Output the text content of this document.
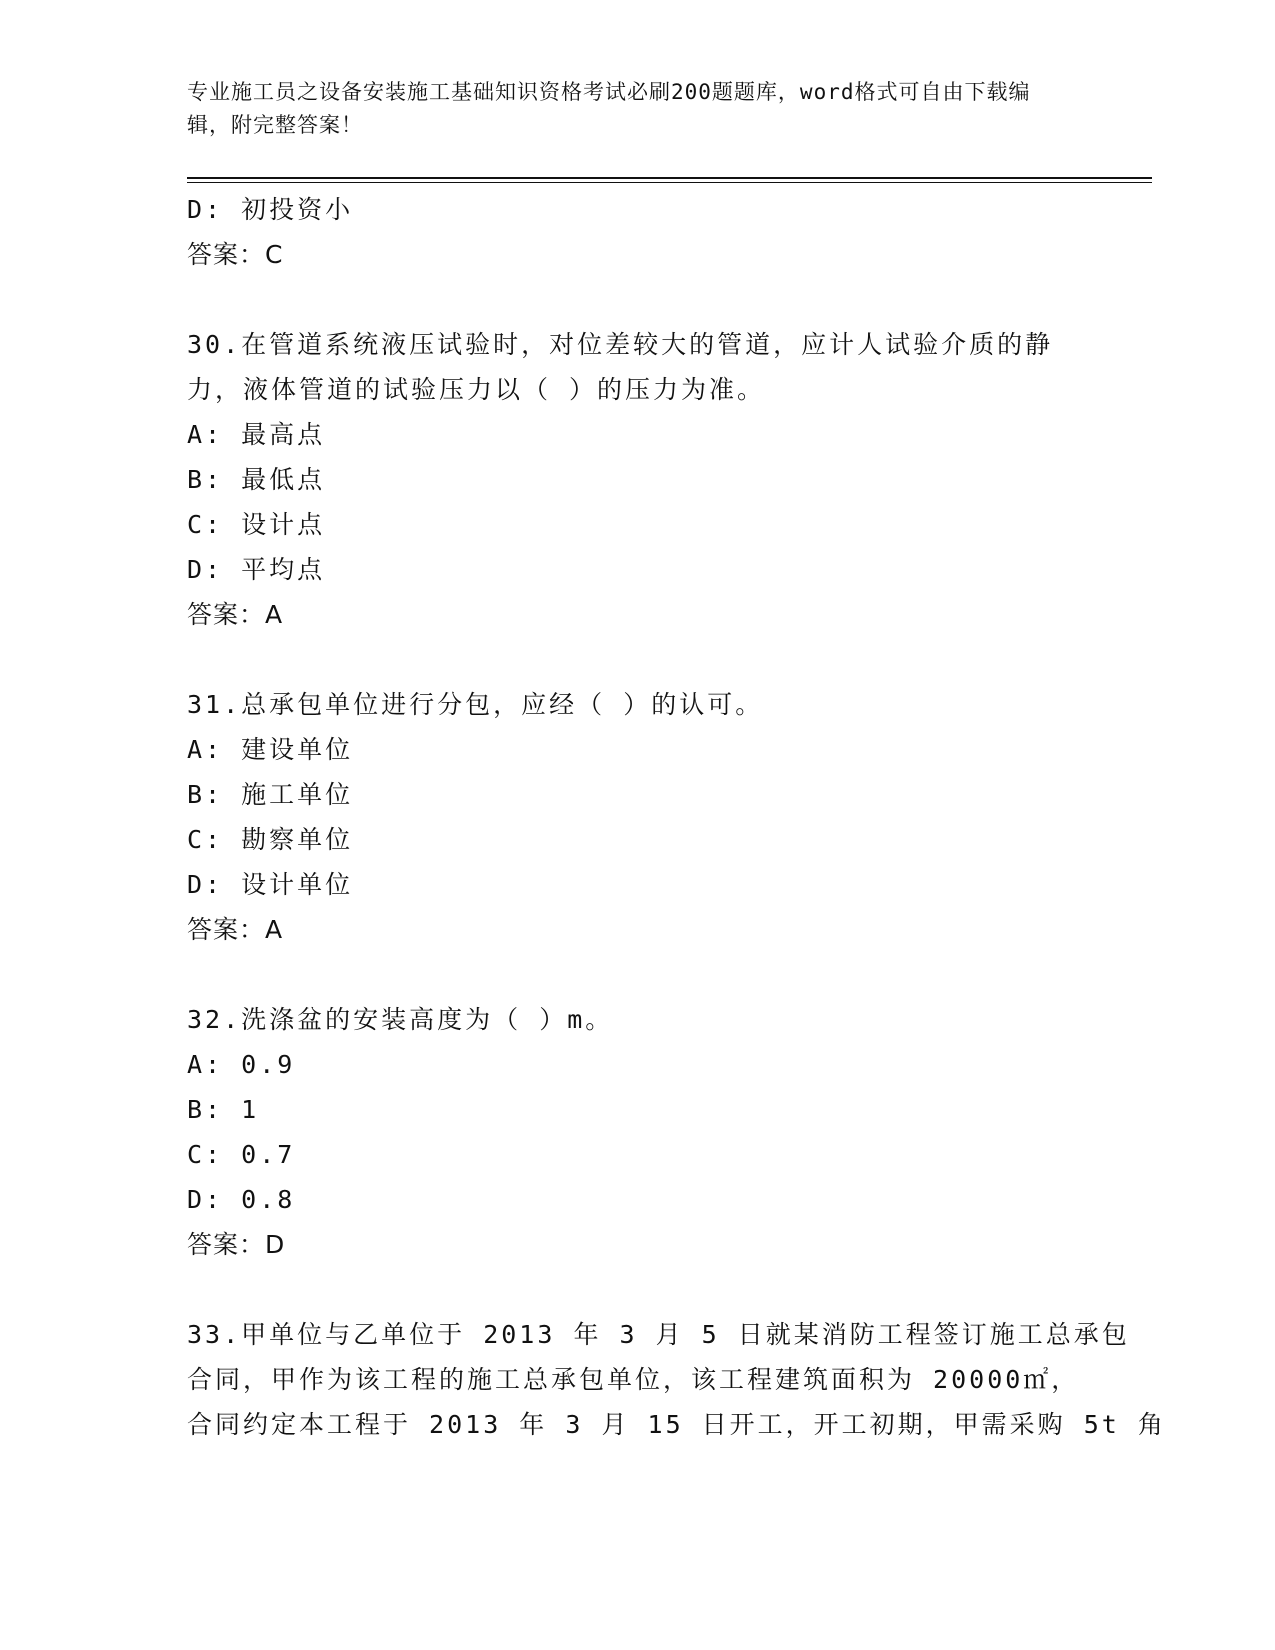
专业施工员之设备安装施工基础知识资格考试必刷200题题库，word格式可自由下载编辑，附完整答案！

D: 初投资小
答案：C
30.在管道系统液压试验时，对位差较大的管道，应计人试验介质的静
力，液体管道的试验压力以（ ）的压力为准。
A: 最高点
B: 最低点
C: 设计点
D: 平均点
答案：A
31.总承包单位进行分包，应经（ ）的认可。
A: 建设单位
B: 施工单位
C: 勘察单位
D: 设计单位
答案：A
32.洗涤盆的安装高度为（ ）m。
A: 0.9
B: 1
C: 0.7
D: 0.8
答案：D
33.甲单位与乙单位于 2013 年 3 月 5 日就某消防工程签订施工总承包
合同，甲作为该工程的施工总承包单位，该工程建筑面积为 20000㎡，
合同约定本工程于 2013 年 3 月 15 日开工，开工初期，甲需采购 5t 角
